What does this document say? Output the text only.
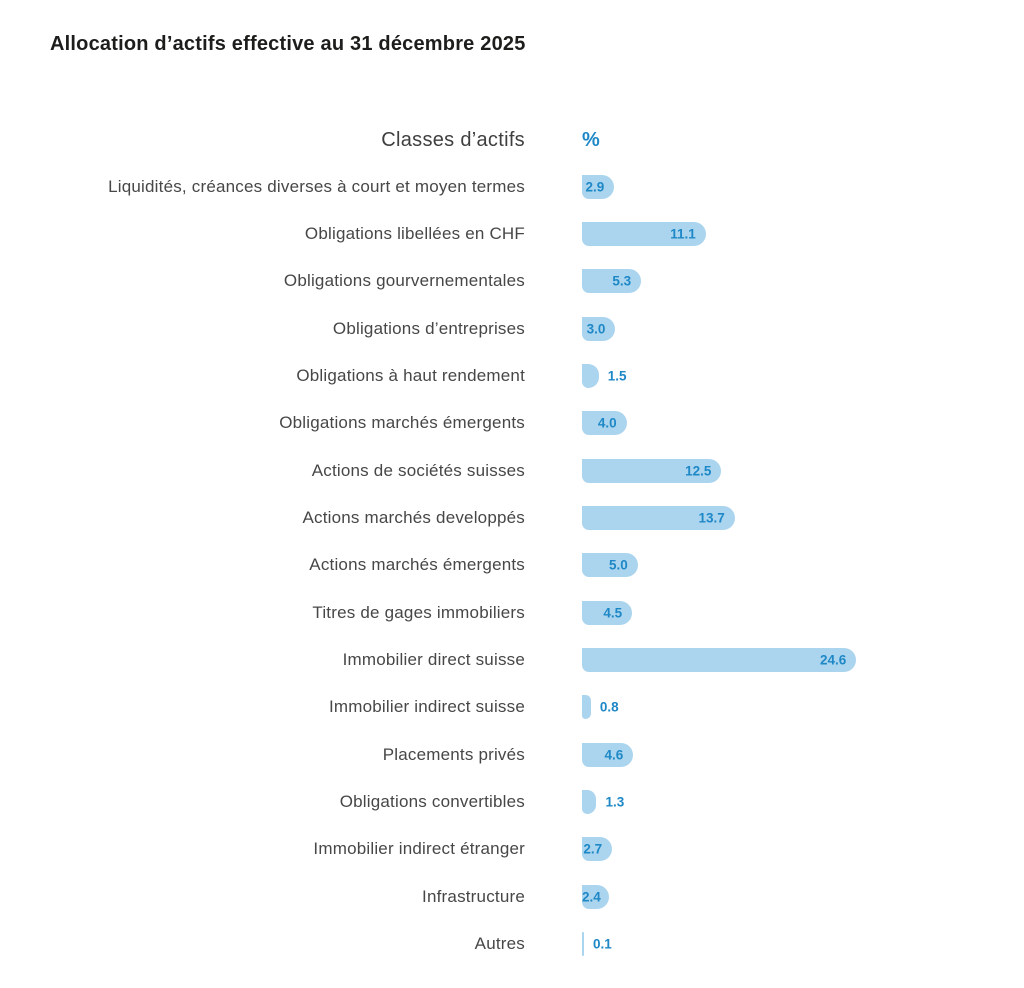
Allocation d’actifs effective au 31 décembre 2025
Classes d’actifs	%
Liquidités, créances diverses à court et moyen termes	2.9
Obligations libellées en CHF	11.1
Obligations gourvernementales	5.3
Obligations d’entreprises	3.0
Obligations à haut rendement	1.5
Obligations marchés émergents	4.0
Actions de sociétés suisses	12.5
Actions marchés developpés	13.7
Actions marchés émergents	5.0
Titres de gages immobiliers	4.5
Immobilier direct suisse	24.6
Immobilier indirect suisse	0.8
Placements privés	4.6
Obligations convertibles	1.3
Immobilier indirect étranger	2.7
Infrastructure	2.4
Autres	0.1
